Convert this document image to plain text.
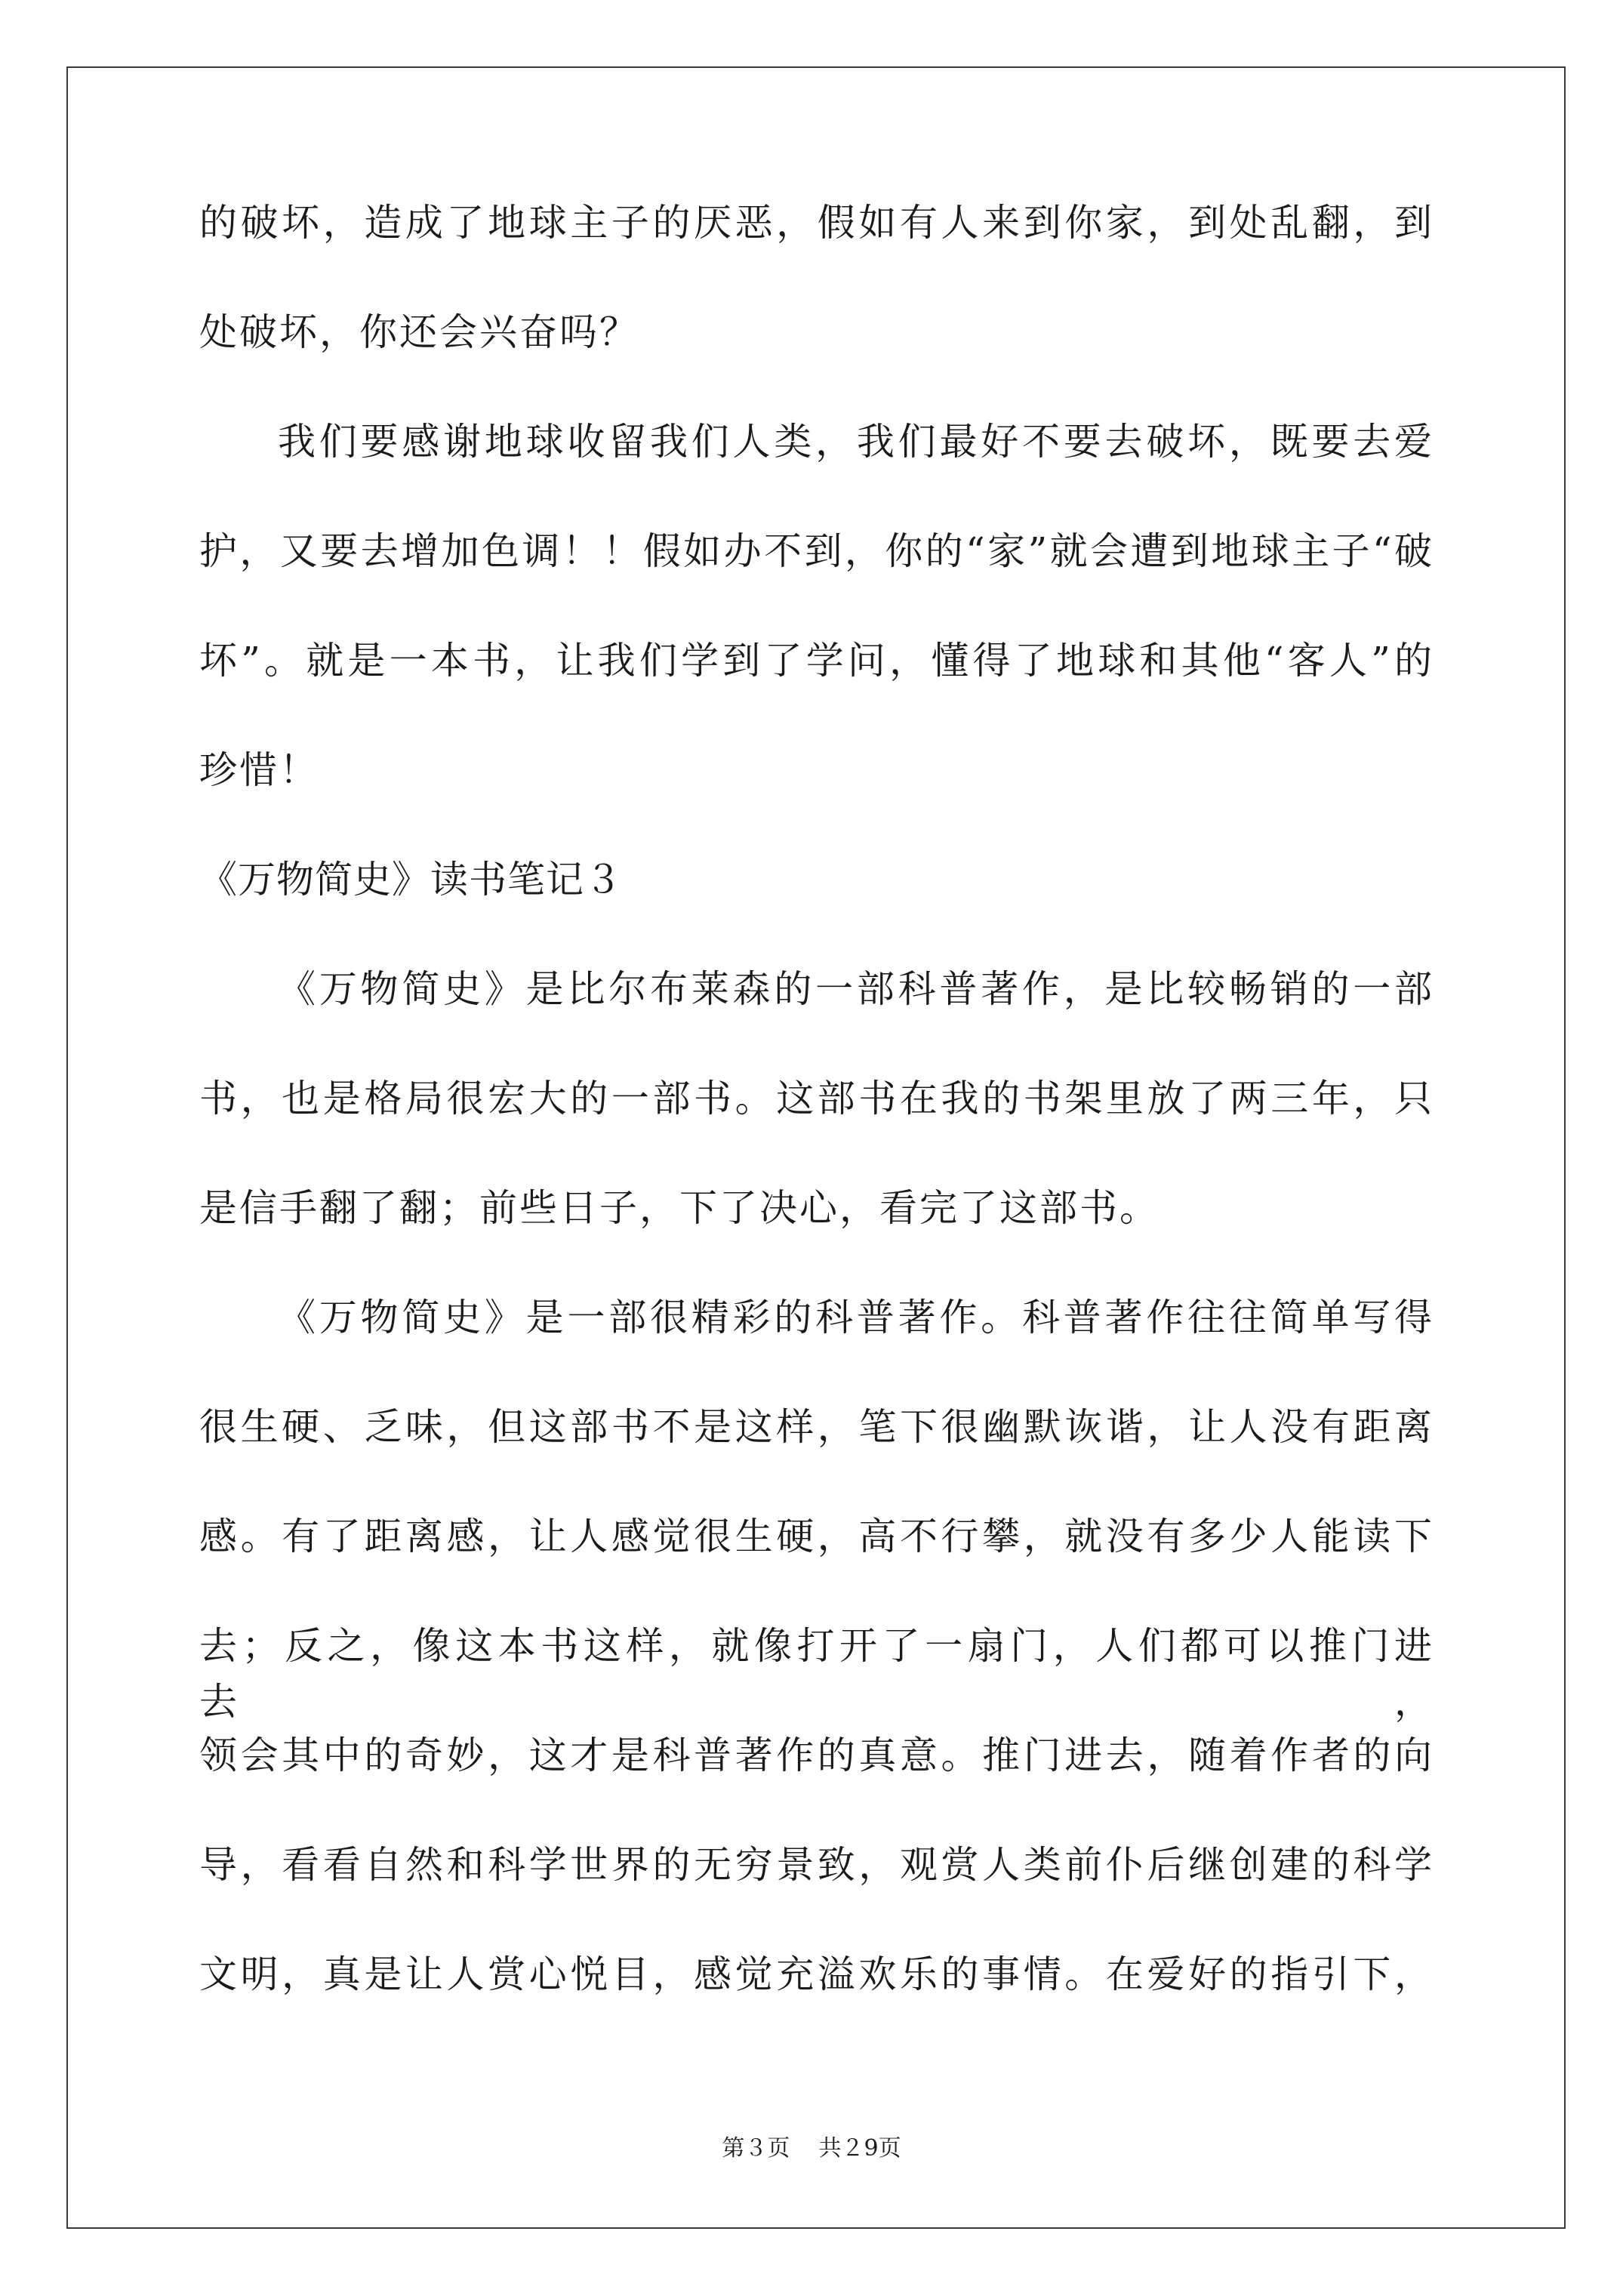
的破坏，造成了地球主子的厌恶，假如有人来到你家，到处乱翻，到
处破坏，你还会兴奋吗？
我们要感谢地球收留我们人类，我们最好不要去破坏，既要去爱
护，又要去增加色调！！假如办不到，你的“家”就会遭到地球主子“破
坏”。就是一本书，让我们学到了学问，懂得了地球和其他“客人”的
珍惜！
《万物简史》读书笔记３
《万物简史》是比尔布莱森的一部科普著作，是比较畅销的一部
书，也是格局很宏大的一部书。这部书在我的书架里放了两三年，只
是信手翻了翻；前些日子，下了决心，看完了这部书。
《万物简史》是一部很精彩的科普著作。科普著作往往简单写得
很生硬、乏味，但这部书不是这样，笔下很幽默诙谐，让人没有距离
感。有了距离感，让人感觉很生硬，高不行攀，就没有多少人能读下
去；反之，像这本书这样，就像打开了一扇门，人们都可以推门进去，
领会其中的奇妙，这才是科普著作的真意。推门进去，随着作者的向
导，看看自然和科学世界的无穷景致，观赏人类前仆后继创建的科学
文明，真是让人赏心悦目，感觉充溢欢乐的事情。在爱好的指引下，
第３页 共２9页
